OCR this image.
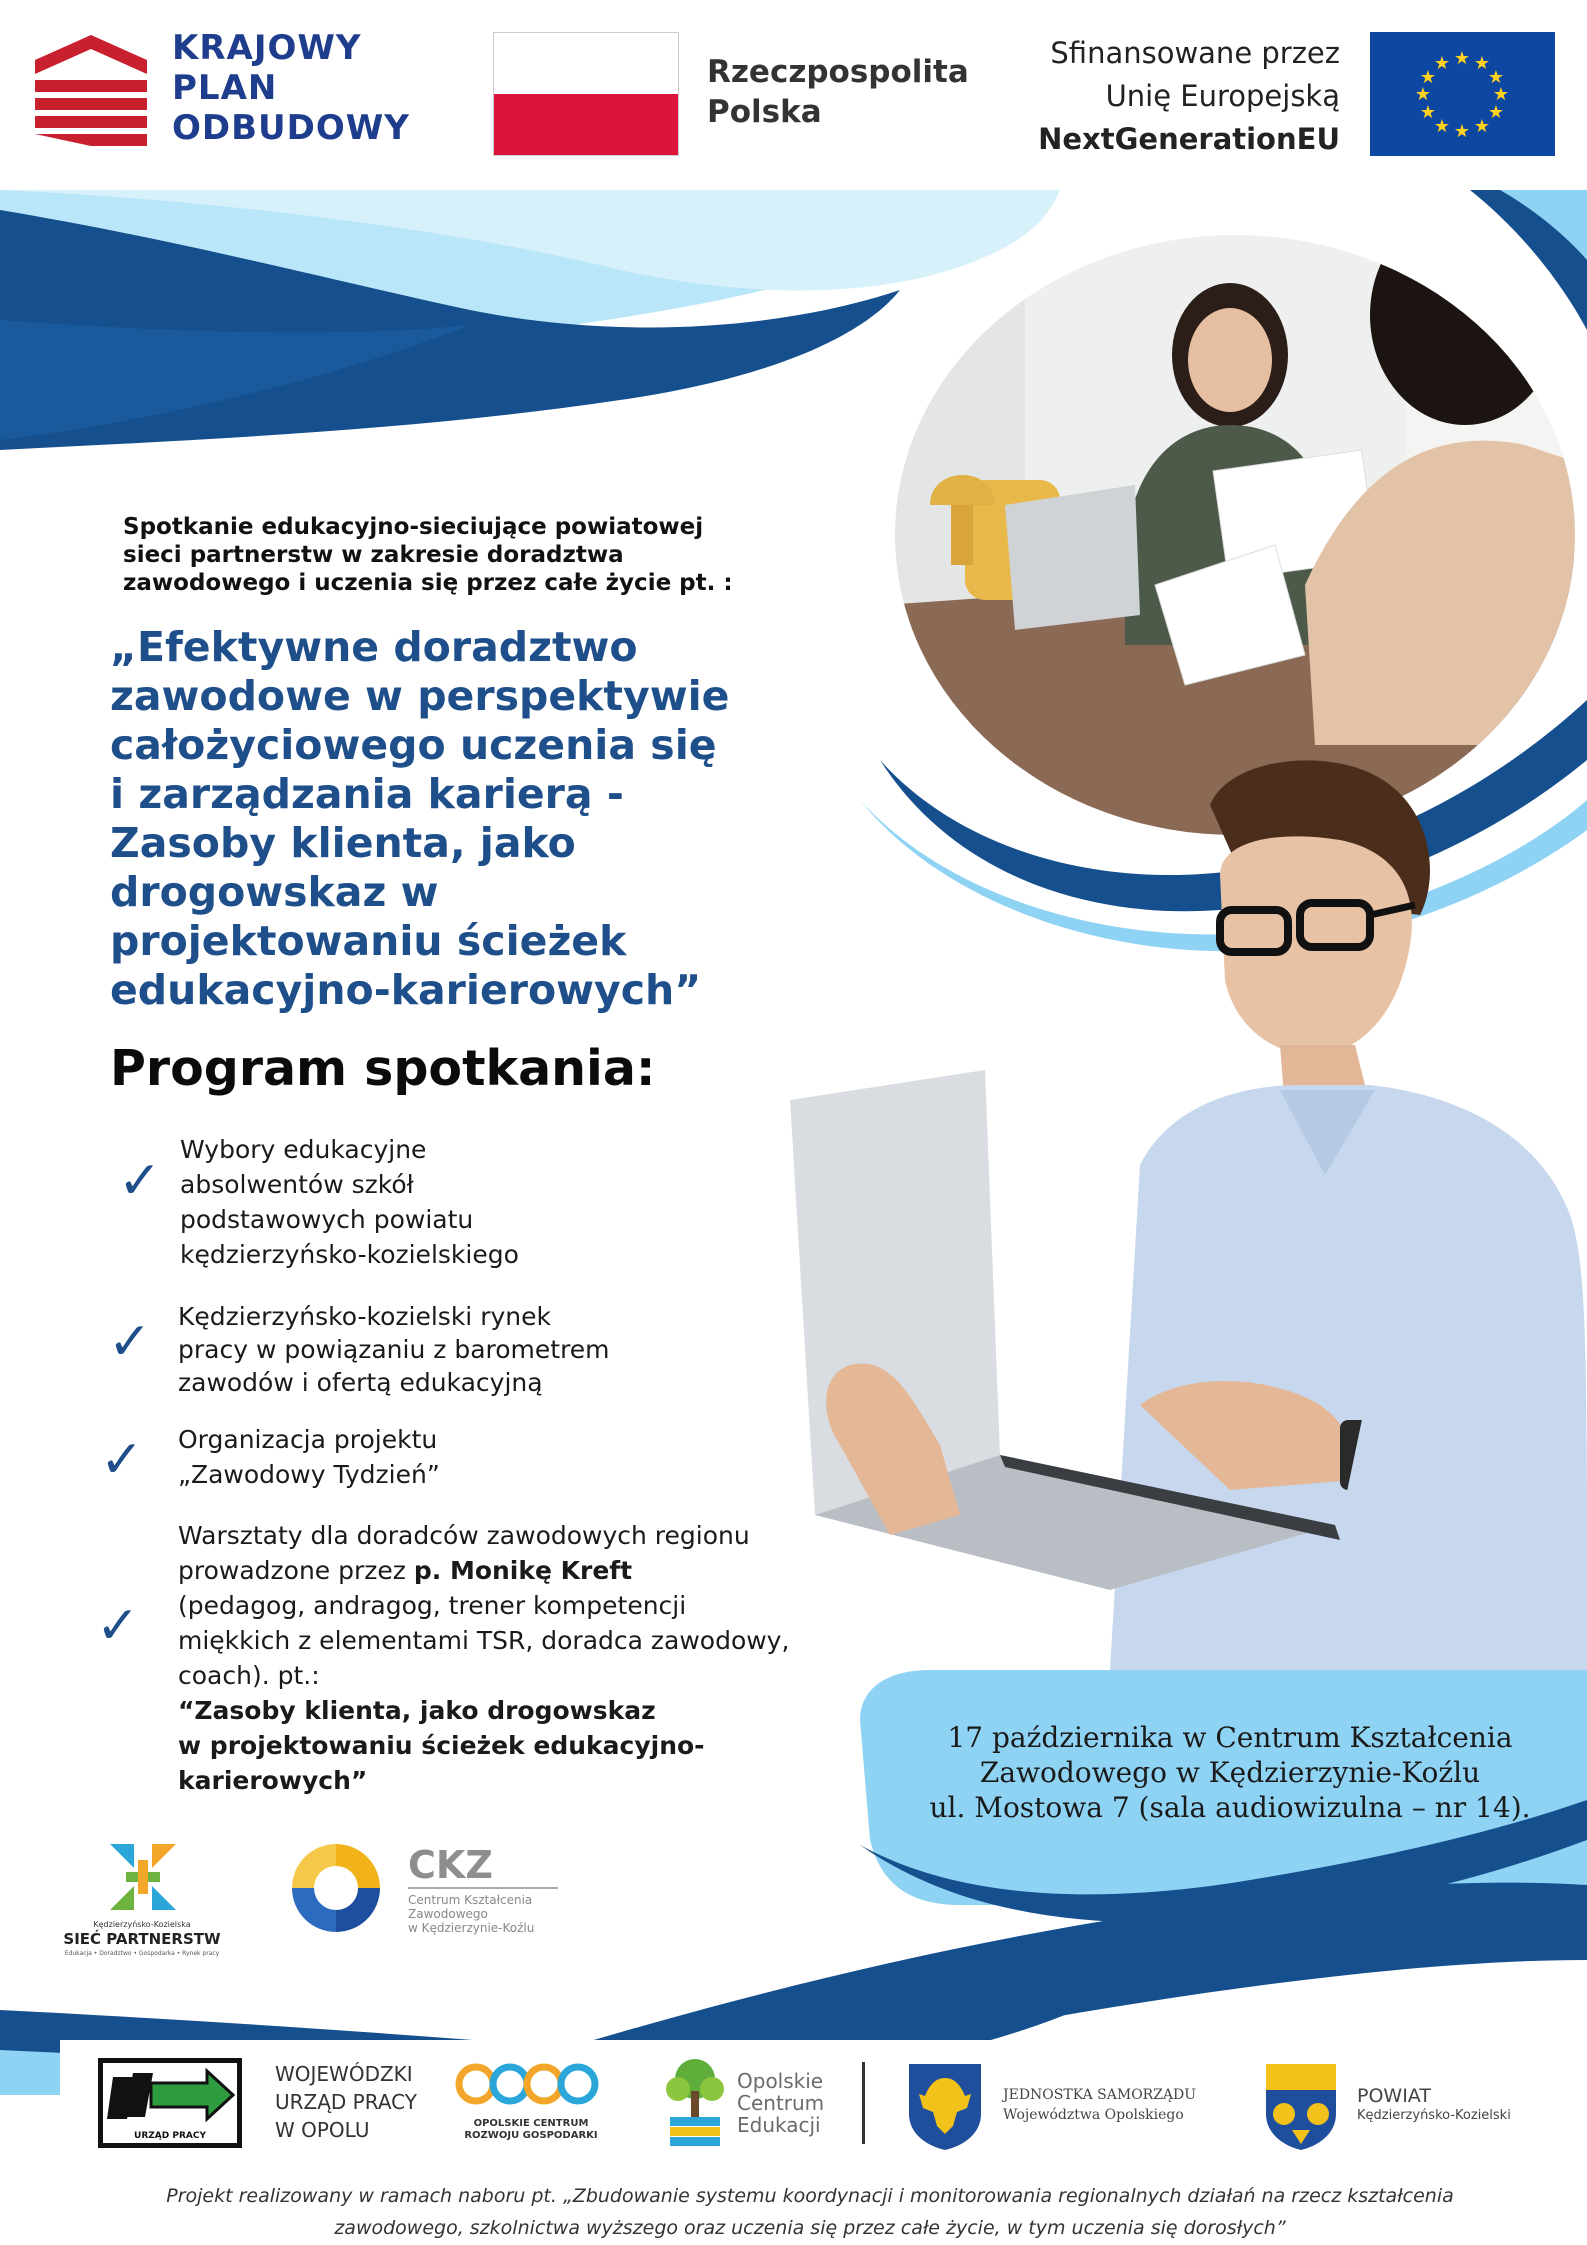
KRAJOWY
PLAN
ODBUDOWY
Rzeczpospolita
Polska
Sfinansowane przez
Unię Europejską
NextGenerationEU
★ ★
★
★
★
★
★
★
★
★
★
★
Spotkanie edukacyjno-sieciujące powiatowej
sieci partnerstw w zakresie doradztwa
zawodowego i uczenia się przez całe życie pt. :
„Efektywne doradztwo
zawodowe w perspektywie
całożyciowego uczenia się
i zarządzania karierą -
Zasoby klienta, jako
drogowskaz w
projektowaniu ścieżek
edukacyjno-karierowych”
Program spotkania:
✓
Wybory edukacyjne
absolwentów szkół
podstawowych powiatu
kędzierzyńsko-kozielskiego
✓ Kędzierzyńsko-kozielski rynek
pracy w powiązaniu z barometrem
zawodów i ofertą edukacyjną
✓ Organizacja projektu
„Zawodowy Tydzień”
✓
Warsztaty dla doradców zawodowych regionu
prowadzone przez p. Monikę Kreft
(pedagog, andragog, trener kompetencji
miękkich z elementami TSR, doradca zawodowy,
coach). pt.:
“Zasoby klienta, jako drogowskaz
w projektowaniu ścieżek edukacyjno-
karierowych”
17 października w Centrum Kształcenia
Zawodowego w Kędzierzynie-Koźlu
ul. Mostowa 7 (sala audiowizulna – nr 14).
Kędzierzyńsko-Kozielska
SIEĆ PARTNERSTW
Edukacja • Doradztwo • Gospodarka • Rynek pracy
CKZ
Centrum Kształcenia
Zawodowego
w Kędzierzynie-Koźlu
URZĄD PRACY
WOJEWÓDZKI
URZĄD PRACY
W OPOLU	OPOLSKIE CENTRUM
ROZWOJU GOSPODARKI
Opolskie
Centrum
Edukacji
JEDNOSTKA SAMORZĄDU
Województwa Opolskiego
POWIAT
Kędzierzyńsko-Kozielski
Projekt realizowany w ramach naboru pt. „Zbudowanie systemu koordynacji i monitorowania regionalnych działań na rzecz kształcenia
zawodowego, szkolnictwa wyższego oraz uczenia się przez całe życie, w tym uczenia się dorosłych”
